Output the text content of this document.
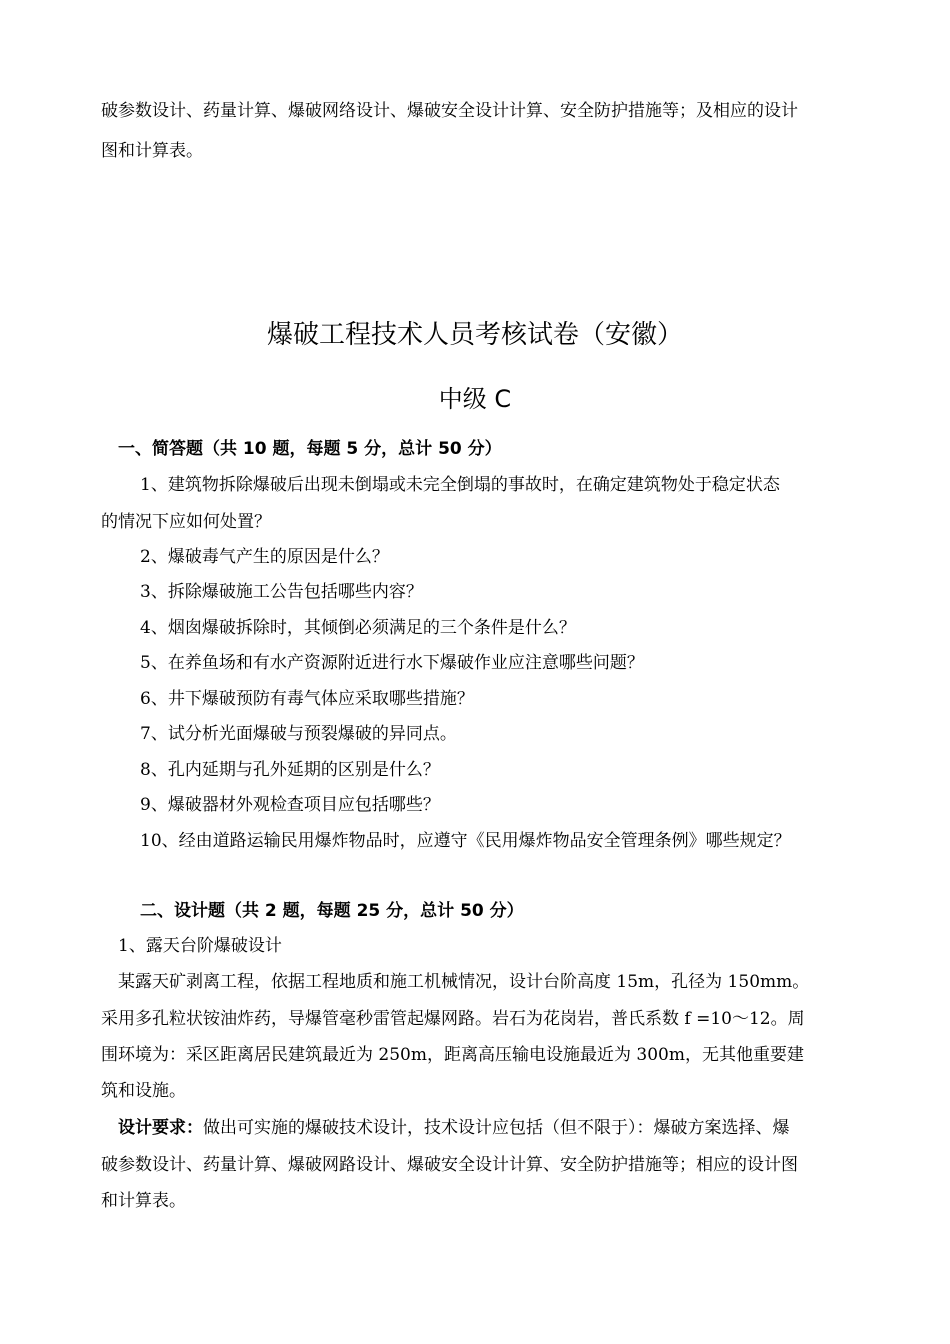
破参数设计、药量计算、爆破网络设计、爆破安全设计计算、安全防护措施等；及相应的设计
图和计算表。
爆破工程技术人员考核试卷（安徽）
中级 C
一、简答题（共 10 题，每题 5 分，总计 50 分）
1、建筑物拆除爆破后出现未倒塌或未完全倒塌的事故时，在确定建筑物处于稳定状态
的情况下应如何处置？
2、爆破毒气产生的原因是什么？
3、拆除爆破施工公告包括哪些内容？
4、烟囱爆破拆除时，其倾倒必须满足的三个条件是什么？
5、在养鱼场和有水产资源附近进行水下爆破作业应注意哪些问题？
6、井下爆破预防有毒气体应采取哪些措施？
7、试分析光面爆破与预裂爆破的异同点。
8、孔内延期与孔外延期的区别是什么？
9、爆破器材外观检查项目应包括哪些？
10、经由道路运输民用爆炸物品时，应遵守《民用爆炸物品安全管理条例》哪些规定？
二、设计题（共 2 题，每题 25 分，总计 50 分）
1、露天台阶爆破设计
某露天矿剥离工程，依据工程地质和施工机械情况，设计台阶高度 15m，孔径为 150mm。
采用多孔粒状铵油炸药，导爆管毫秒雷管起爆网路。岩石为花岗岩，普氏系数 f =10～12。周
围环境为：采区距离居民建筑最近为 250m，距离高压输电设施最近为 300m，无其他重要建
筑和设施。
设计要求：做出可实施的爆破技术设计，技术设计应包括（但不限于）：爆破方案选择、爆
破参数设计、药量计算、爆破网路设计、爆破安全设计计算、安全防护措施等；相应的设计图
和计算表。
